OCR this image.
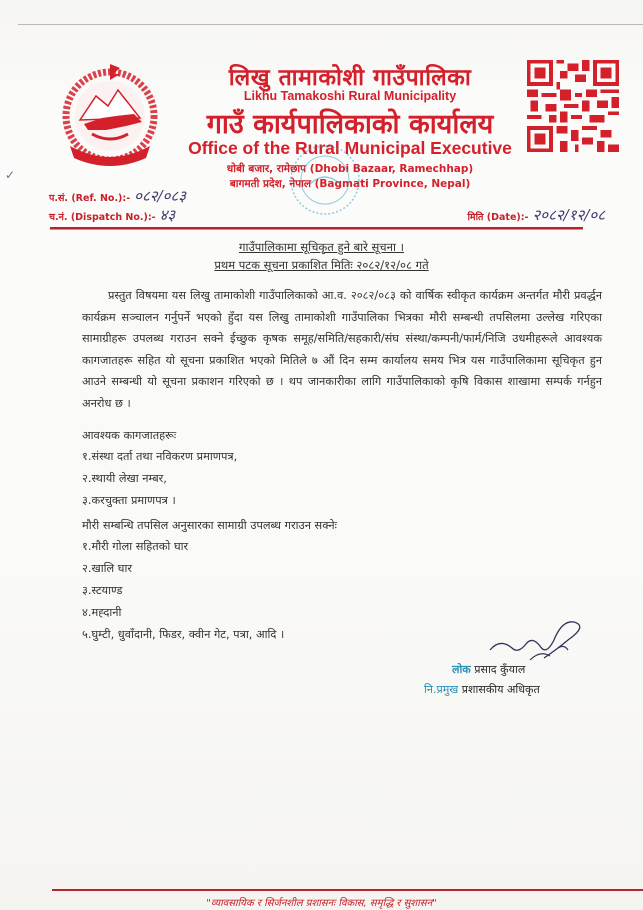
✓
लिखु तामाकोशी गाउँपालिका
Likhu Tamakoshi Rural Municipality
गाउँ कार्यपालिकाको कार्यालय
Office of the Rural Municipal Executive
धोबी बजार, रामेछाप (Dhobi Bazaar, Ramechhap)
बागमती प्रदेश, नेपाल (Bagmati Province, Nepal)
प.सं. (Ref. No.):- ०८२/०८३
च.नं. (Dispatch No.):- ४३	मिति (Date):- २०८२/१२/०८
गाउँपालिकामा सूचिकृत हुने बारे सूचना ।
प्रथम पटक सूचना प्रकाशित मितिः २०८२/१२/०८ गते
प्रस्तुत विषयमा यस लिखु तामाकोशी गाउँपालिकाको आ.व. २०८२/०८३ को वार्षिक स्वीकृत कार्यक्रम अन्तर्गत मौरी प्रवर्द्धन कार्यक्रम सञ्चालन गर्नुपर्ने भएको हुँदा यस लिखु तामाकोशी गाउँपालिका भित्रका मौरी सम्बन्धी तपसिलमा उल्लेख गरिएका सामाग्रीहरू उपलब्ध गराउन सक्ने ईच्छुक कृषक समूह/समिति/सहकारी/संघ संस्था/कम्पनी/फार्म/निजि उधमीहरूले आवश्यक कागजातहरू सहित यो सूचना प्रकाशित भएको मितिले ७ औं दिन सम्म कार्यालय समय भित्र यस गाउँपालिकामा सूचिकृत हुन आउने सम्बन्धी यो सूचना प्रकाशन गरिएको छ । थप जानकारीका लागि गाउँपालिकाको कृषि विकास शाखामा सम्पर्क गर्नहुन अनरोध छ ।
आवश्यक कागजातहरूः
१.संस्था दर्ता तथा नविकरण प्रमाणपत्र,
२.स्थायी लेखा नम्बर,
३.करचुक्ता प्रमाणपत्र ।
मौरी सम्बन्धि तपसिल अनुसारका सामाग्री उपलब्ध गराउन सक्नेः
१.मौरी गोला सहितको घार
२.खालि घार
३.स्टयाण्ड
४.मह्दानी
५.घुम्टी, धुवाँदानी, फिडर, क्वीन गेट, पत्रा, आदि ।
लोक प्रसाद कुँयाल
नि.प्रमुख प्रशासकीय अधिकृत
"व्यावसायिक र सिर्जनशील प्रशासनः विकास, समृद्धि र सुशासन"
